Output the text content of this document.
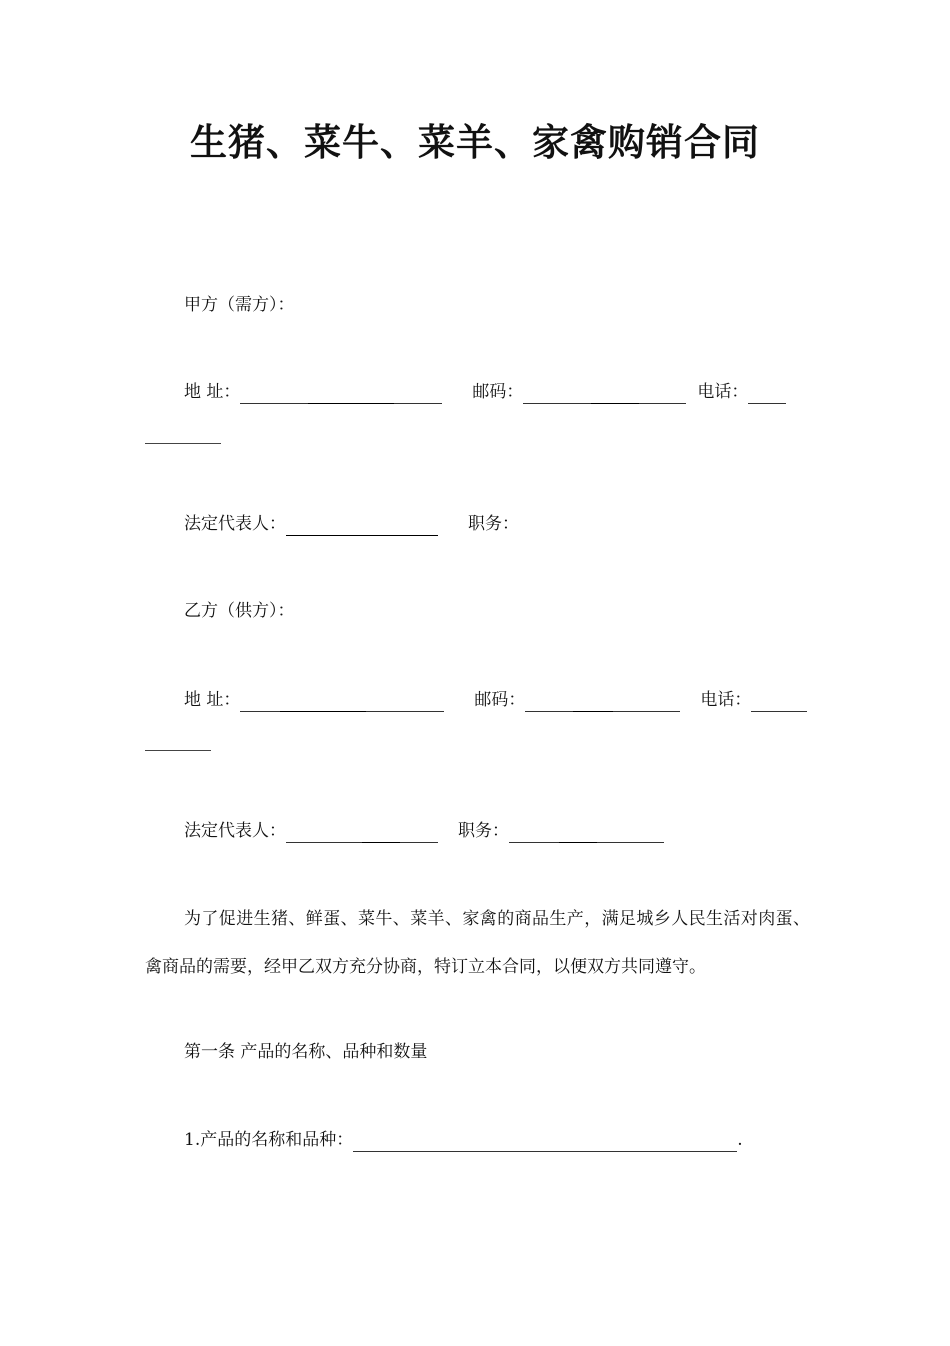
生猪、菜牛、菜羊、家禽购销合同
甲方（需方）：
地 址：	邮码：	电话：
法定代表人：	职务：
乙方（供方）：
地 址：	邮码：	电话：
法定代表人：	职务：
为了促进生猪、鲜蛋、菜牛、菜羊、家禽的商品生产，满足城乡人民生活对肉蛋、禽商品的需要，经甲乙双方充分协商，特订立本合同，以便双方共同遵守。
第一条 产品的名称、品种和数量
1.产品的名称和品种：	.
